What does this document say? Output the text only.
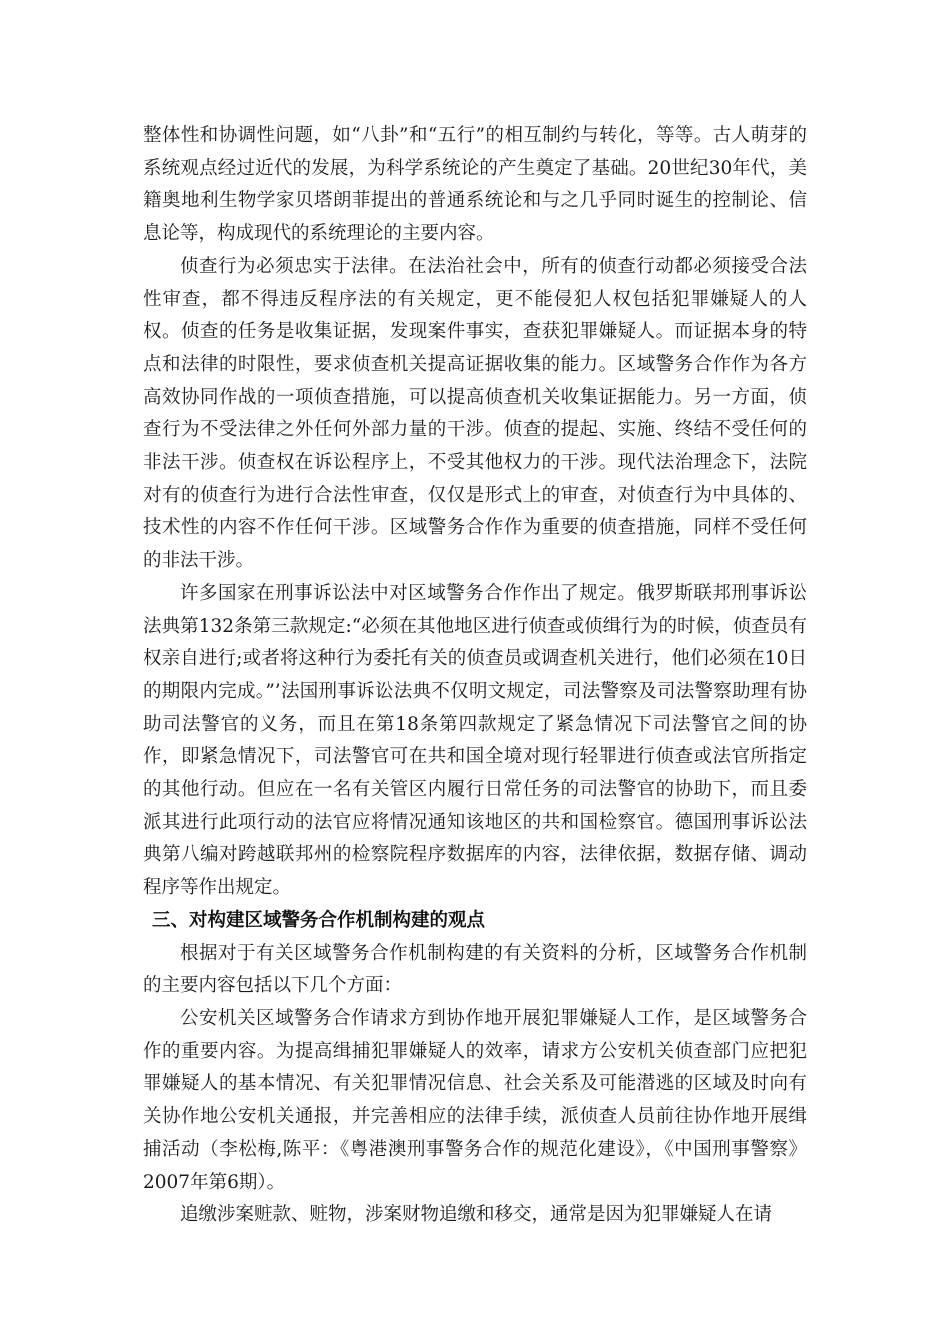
整体性和协调性问题，如“八卦”和“五行”的相互制约与转化，等等。古人萌芽的系统观点经过近代的发展，为科学系统论的产生奠定了基础。20世纪30年代，美籍奥地利生物学家贝塔朗菲提出的普通系统论和与之几乎同时诞生的控制论、信息论等，构成现代的系统理论的主要内容。

侦查行为必须忠实于法律。在法治社会中，所有的侦查行动都必须接受合法性审查，都不得违反程序法的有关规定，更不能侵犯人权包括犯罪嫌疑人的人权。侦查的任务是收集证据，发现案件事实，查获犯罪嫌疑人。而证据本身的特点和法律的时限性，要求侦查机关提高证据收集的能力。区域警务合作作为各方高效协同作战的一项侦查措施，可以提高侦查机关收集证据能力。另一方面，侦查行为不受法律之外任何外部力量的干涉。侦查的提起、实施、终结不受任何的非法干涉。侦查权在诉讼程序上，不受其他权力的干涉。现代法治理念下，法院对有的侦查行为进行合法性审查，仅仅是形式上的审查，对侦查行为中具体的、技术性的内容不作任何干涉。区域警务合作作为重要的侦查措施，同样不受任何的非法干涉。

许多国家在刑事诉讼法中对区域警务合作作出了规定。俄罗斯联邦刑事诉讼法典第132条第三款规定:“必须在其他地区进行侦查或侦缉行为的时候，侦查员有权亲自进行;或者将这种行为委托有关的侦查员或调查机关进行，他们必须在10日的期限内完成。”’法国刑事诉讼法典不仅明文规定，司法警察及司法警察助理有协助司法警官的义务，而且在第18条第四款规定了紧急情况下司法警官之间的协作，即紧急情况下，司法警官可在共和国全境对现行轻罪进行侦查或法官所指定的其他行动。但应在一名有关管区内履行日常任务的司法警官的协助下，而且委派其进行此项行动的法官应将情况通知该地区的共和国检察官。德国刑事诉讼法典第八编对跨越联邦州的检察院程序数据库的内容，法律依据，数据存储、调动程序等作出规定。

三、对构建区域警务合作机制构建的观点

根据对于有关区域警务合作机制构建的有关资料的分析，区域警务合作机制的主要内容包括以下几个方面：

公安机关区域警务合作请求方到协作地开展犯罪嫌疑人工作，是区域警务合作的重要内容。为提高缉捕犯罪嫌疑人的效率，请求方公安机关侦查部门应把犯罪嫌疑人的基本情况、有关犯罪情况信息、社会关系及可能潜逃的区域及时向有关协作地公安机关通报，并完善相应的法律手续，派侦查人员前往协作地开展缉捕活动（李松梅,陈平：《粤港澳刑事警务合作的规范化建设》，《中国刑事警察》2007年第6期）。

追缴涉案赃款、赃物，涉案财物追缴和移交，通常是因为犯罪嫌疑人在请
